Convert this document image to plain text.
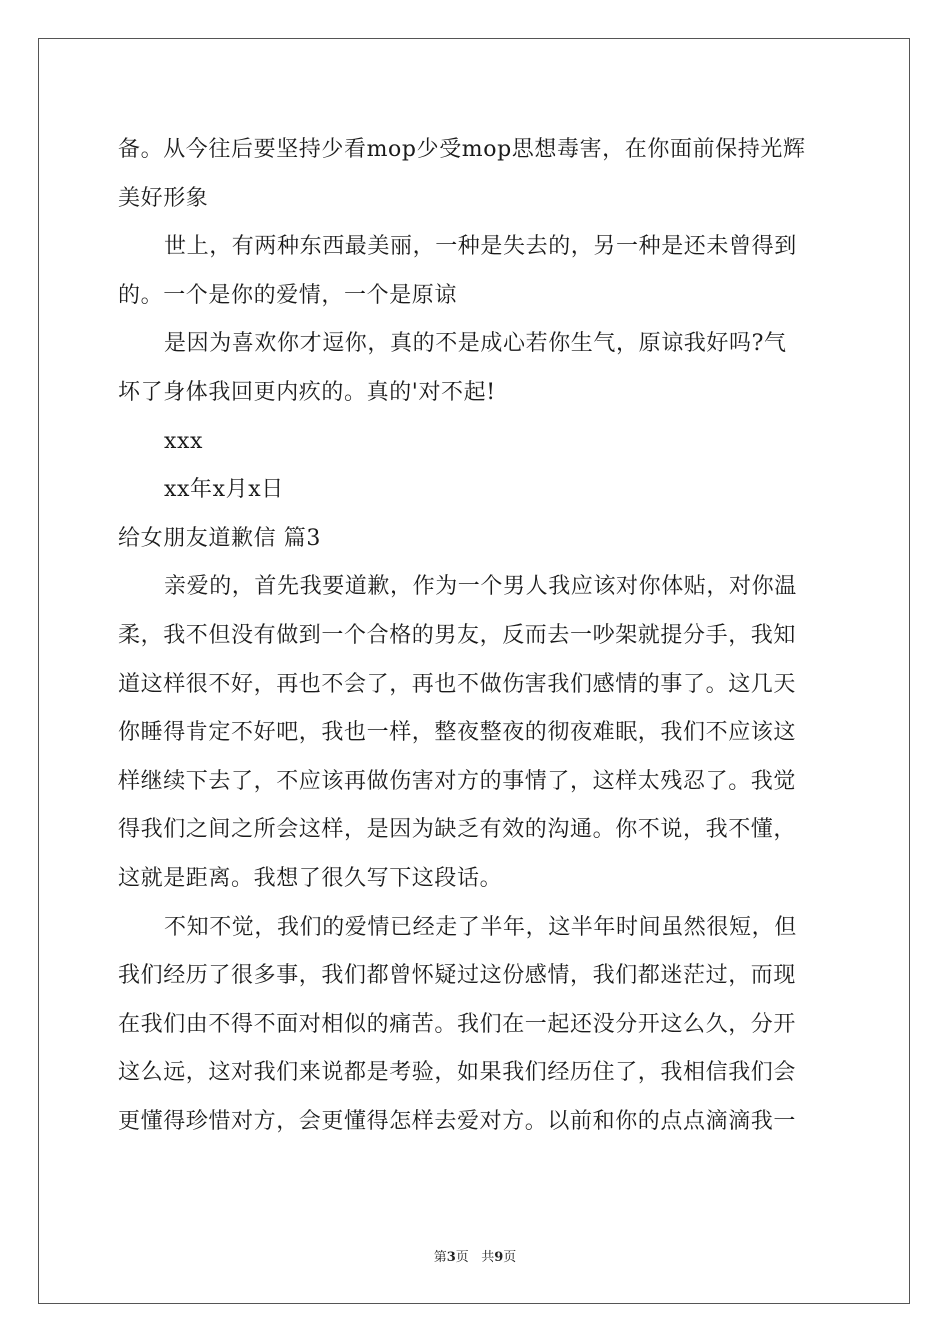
备。从今往后要坚持少看mop少受mop思想毒害，在你面前保持光辉
美好形象
世上，有两种东西最美丽，一种是失去的，另一种是还未曾得到
的。一个是你的爱情，一个是原谅
是因为喜欢你才逗你，真的不是成心若你生气，原谅我好吗?气
坏了身体我回更内疚的。真的'对不起!
xxx
xx年x月x日
给女朋友道歉信 篇3
亲爱的，首先我要道歉，作为一个男人我应该对你体贴，对你温
柔，我不但没有做到一个合格的男友，反而去一吵架就提分手，我知
道这样很不好，再也不会了，再也不做伤害我们感情的事了。这几天
你睡得肯定不好吧，我也一样，整夜整夜的彻夜难眠，我们不应该这
样继续下去了，不应该再做伤害对方的事情了，这样太残忍了。我觉
得我们之间之所会这样，是因为缺乏有效的沟通。你不说，我不懂，
这就是距离。我想了很久写下这段话。
不知不觉，我们的爱情已经走了半年，这半年时间虽然很短，但
我们经历了很多事，我们都曾怀疑过这份感情，我们都迷茫过，而现
在我们由不得不面对相似的痛苦。我们在一起还没分开这么久，分开
这么远，这对我们来说都是考验，如果我们经历住了，我相信我们会
更懂得珍惜对方，会更懂得怎样去爱对方。以前和你的点点滴滴我一
第3页 共9页
